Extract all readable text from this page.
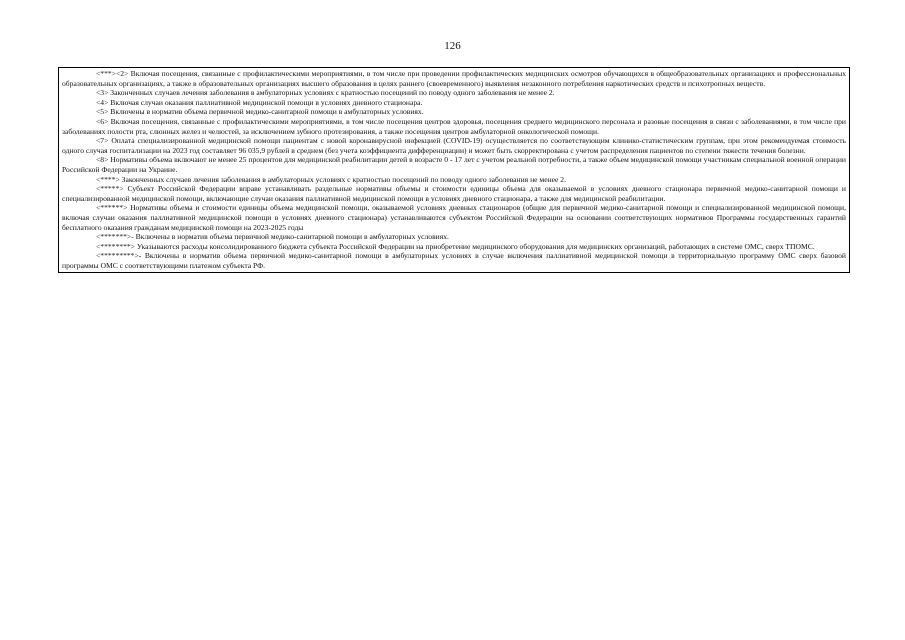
126

<***><2> Включая посещения, связанные с профилактическими мероприятиями, в том числе при проведении профилактических медицинских осмотров обучающихся в общеобразовательных организациях и профессиональных образовательных организациях, а также в образовательных организациях высшего образования в целях раннего (своевременного) выявления незаконного потребления наркотических средств и психотропных веществ.

<3> Законченных случаев лечения заболевания в амбулаторных условиях с кратностью посещений по поводу одного заболевания не менее 2.

<4> Включая случаи оказания паллиативной медицинской помощи в условиях дневного стационара.

<5> Включены в норматив объема первичной медико-санитарной помощи в амбулаторных условиях.

<6> Включая посещения, связанные с профилактическими мероприятиями, в том числе посещения центров здоровья, посещения среднего медицинского персонала и разовые посещения в связи с заболеваниями, в том числе при заболеваниях полости рта, слюнных желез и челюстей, за исключением зубного протезирования, а также посещения центров амбулаторной онкологической помощи.

<7> Оплата специализированной медицинской помощи пациентам с новой коронавирусной инфекцией (COVID-19) осуществляется по соответствующим клинико-статистическим группам, при этом рекомендуемая стоимость одного случая госпитализации на 2023 год составляет 96 035,9 рублей в среднем (без учета коэффициента дифференциации) и может быть скорректирована с учетом распределения пациентов по степени тяжести течения болезни.

<8> Нормативы объема включают не менее 25 процентов для медицинской реабилитации детей в возрасте 0 - 17 лет с учетом реальной потребности, а также объем медицинской помощи участникам специальной военной операции Российской Федерации на Украине.

<****> Законченных случаев лечения заболевания в амбулаторных условиях с кратностью посещений по поводу одного заболевания не менее 2.

<*****> Субъект Российской Федерации вправе устанавливать раздельные нормативы объемы и стоимости единицы объема для оказываемой в условиях дневного стационара первичной медико-санитарной помощи и специализированной медицинской помощи, включающие случаи оказания паллиативной медицинской помощи в условиях дневного стационара, а также для медицинской реабилитации.

<******> Нормативы объема и стоимости единицы объема медицинской помощи, оказываемой условиях дневных стационаров (общие для первичной медико-санитарной помощи и специализированной медицинской помощи, включая случаи оказания паллиативной медицинской помощи в условиях дневного стационара) устанавливаются субъектом Российской Федерации на основании соответствующих нормативов Программы государственных гарантий бесплатного оказания гражданам медицинской помощи на 2023-2025 годы

<*******>- Включены в норматив объема первичной медико-санитарной помощи в амбулаторных условиях.

<********> Указываются расходы консолидированного бюджета субъекта Российской Федерации на приобретение медицинского оборудования для медицинских организаций, работающих в системе ОМС, сверх ТПОМС.

<*********>- Включены в норматив объема первичной медико-санитарной помощи в амбулаторных условиях в случае включения паллиативной медицинской помощи в территориальную программу ОМС сверх базовой программы ОМС с соответствующими платежом субъекта РФ.
